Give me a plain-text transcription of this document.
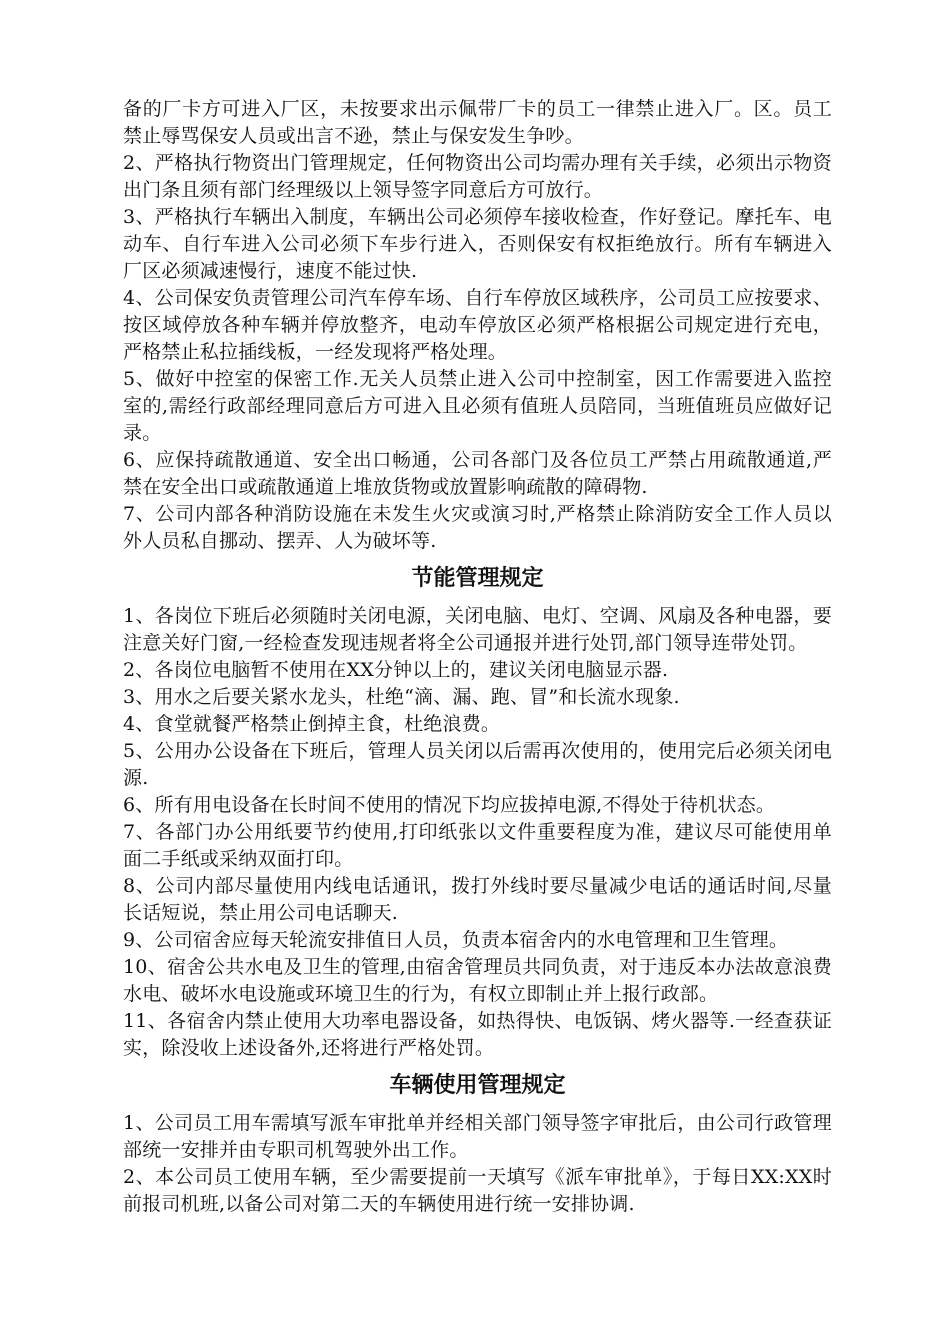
备的厂卡方可进入厂区，未按要求出示佩带厂卡的员工一律禁止进入厂。区。员工禁止辱骂保安人员或出言不逊，禁止与保安发生争吵。

2、严格执行物资出门管理规定，任何物资出公司均需办理有关手续，必须出示物资出门条且须有部门经理级以上领导签字同意后方可放行。

3、严格执行车辆出入制度，车辆出公司必须停车接收检查，作好登记。摩托车、电动车、自行车进入公司必须下车步行进入，否则保安有权拒绝放行。所有车辆进入厂区必须减速慢行，速度不能过快.

4、公司保安负责管理公司汽车停车场、自行车停放区域秩序，公司员工应按要求、按区域停放各种车辆并停放整齐，电动车停放区必须严格根据公司规定进行充电，严格禁止私拉插线板，一经发现将严格处理。

5、做好中控室的保密工作.无关人员禁止进入公司中控制室，因工作需要进入监控室的,需经行政部经理同意后方可进入且必须有值班人员陪同，当班值班员应做好记录。

6、应保持疏散通道、安全出口畅通，公司各部门及各位员工严禁占用疏散通道,严禁在安全出口或疏散通道上堆放货物或放置影响疏散的障碍物.

7、公司内部各种消防设施在未发生火灾或演习时,严格禁止除消防安全工作人员以外人员私自挪动、摆弄、人为破坏等.

节能管理规定

1、各岗位下班后必须随时关闭电源，关闭电脑、电灯、空调、风扇及各种电器，要注意关好门窗,一经检查发现违规者将全公司通报并进行处罚,部门领导连带处罚。

2、各岗位电脑暂不使用在XX分钟以上的，建议关闭电脑显示器.

3、用水之后要关紧水龙头，杜绝“滴、漏、跑、冒”和长流水现象.

4、食堂就餐严格禁止倒掉主食，杜绝浪费。

5、公用办公设备在下班后，管理人员关闭以后需再次使用的，使用完后必须关闭电源.

6、所有用电设备在长时间不使用的情况下均应拔掉电源,不得处于待机状态。

7、各部门办公用纸要节约使用,打印纸张以文件重要程度为准，建议尽可能使用单面二手纸或采纳双面打印。

8、公司内部尽量使用内线电话通讯，拨打外线时要尽量减少电话的通话时间,尽量长话短说，禁止用公司电话聊天.

9、公司宿舍应每天轮流安排值日人员，负责本宿舍内的水电管理和卫生管理。

10、宿舍公共水电及卫生的管理,由宿舍管理员共同负责，对于违反本办法故意浪费水电、破坏水电设施或环境卫生的行为，有权立即制止并上报行政部。

11、各宿舍内禁止使用大功率电器设备，如热得快、电饭锅、烤火器等.一经查获证实，除没收上述设备外,还将进行严格处罚。

车辆使用管理规定

1、公司员工用车需填写派车审批单并经相关部门领导签字审批后，由公司行政管理部统一安排并由专职司机驾驶外出工作。

2、本公司员工使用车辆，至少需要提前一天填写《派车审批单》，于每日XX:XX时前报司机班,以备公司对第二天的车辆使用进行统一安排协调.
